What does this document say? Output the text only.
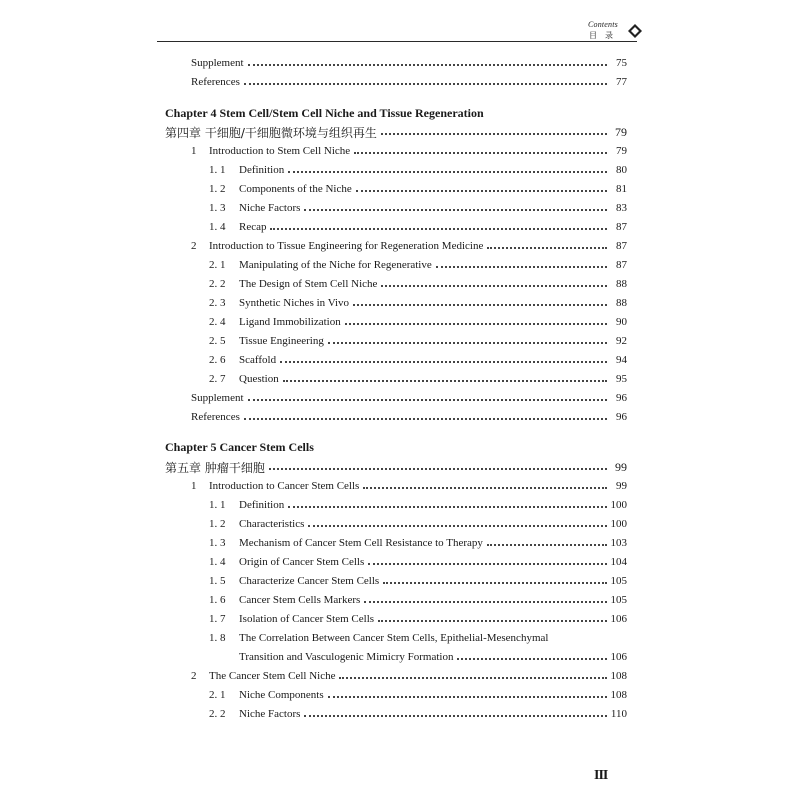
Contents
目 录
Supplement	75
References	77
Chapter 4 Stem Cell/Stem Cell Niche and Tissue Regeneration
第四章 干细胞/干细胞微环境与组织再生	79
1	Introduction to Stem Cell Niche	79
1. 1	Definition	80
1. 2	Components of the Niche	81
1. 3	Niche Factors	83
1. 4	Recap	87
2	Introduction to Tissue Engineering for Regeneration Medicine	87
2. 1	Manipulating of the Niche for Regenerative	87
2. 2	The Design of Stem Cell Niche	88
2. 3	Synthetic Niches in Vivo	88
2. 4	Ligand Immobilization	90
2. 5	Tissue Engineering	92
2. 6	Scaffold	94
2. 7	Question	95
Supplement	96
References	96
Chapter 5 Cancer Stem Cells
第五章 肿瘤干细胞	99
1	Introduction to Cancer Stem Cells	99
1. 1	Definition	100
1. 2	Characteristics	100
1. 3	Mechanism of Cancer Stem Cell Resistance to Therapy	103
1. 4	Origin of Cancer Stem Cells	104
1. 5	Characterize Cancer Stem Cells	105
1. 6	Cancer Stem Cells Markers	105
1. 7	Isolation of Cancer Stem Cells	106
1. 8	The Correlation Between Cancer Stem Cells, Epithelial-Mesenchymal
Transition and Vasculogenic Mimicry Formation	106
2	The Cancer Stem Cell Niche	108
2. 1	Niche Components	108
2. 2	Niche Factors	110
III
